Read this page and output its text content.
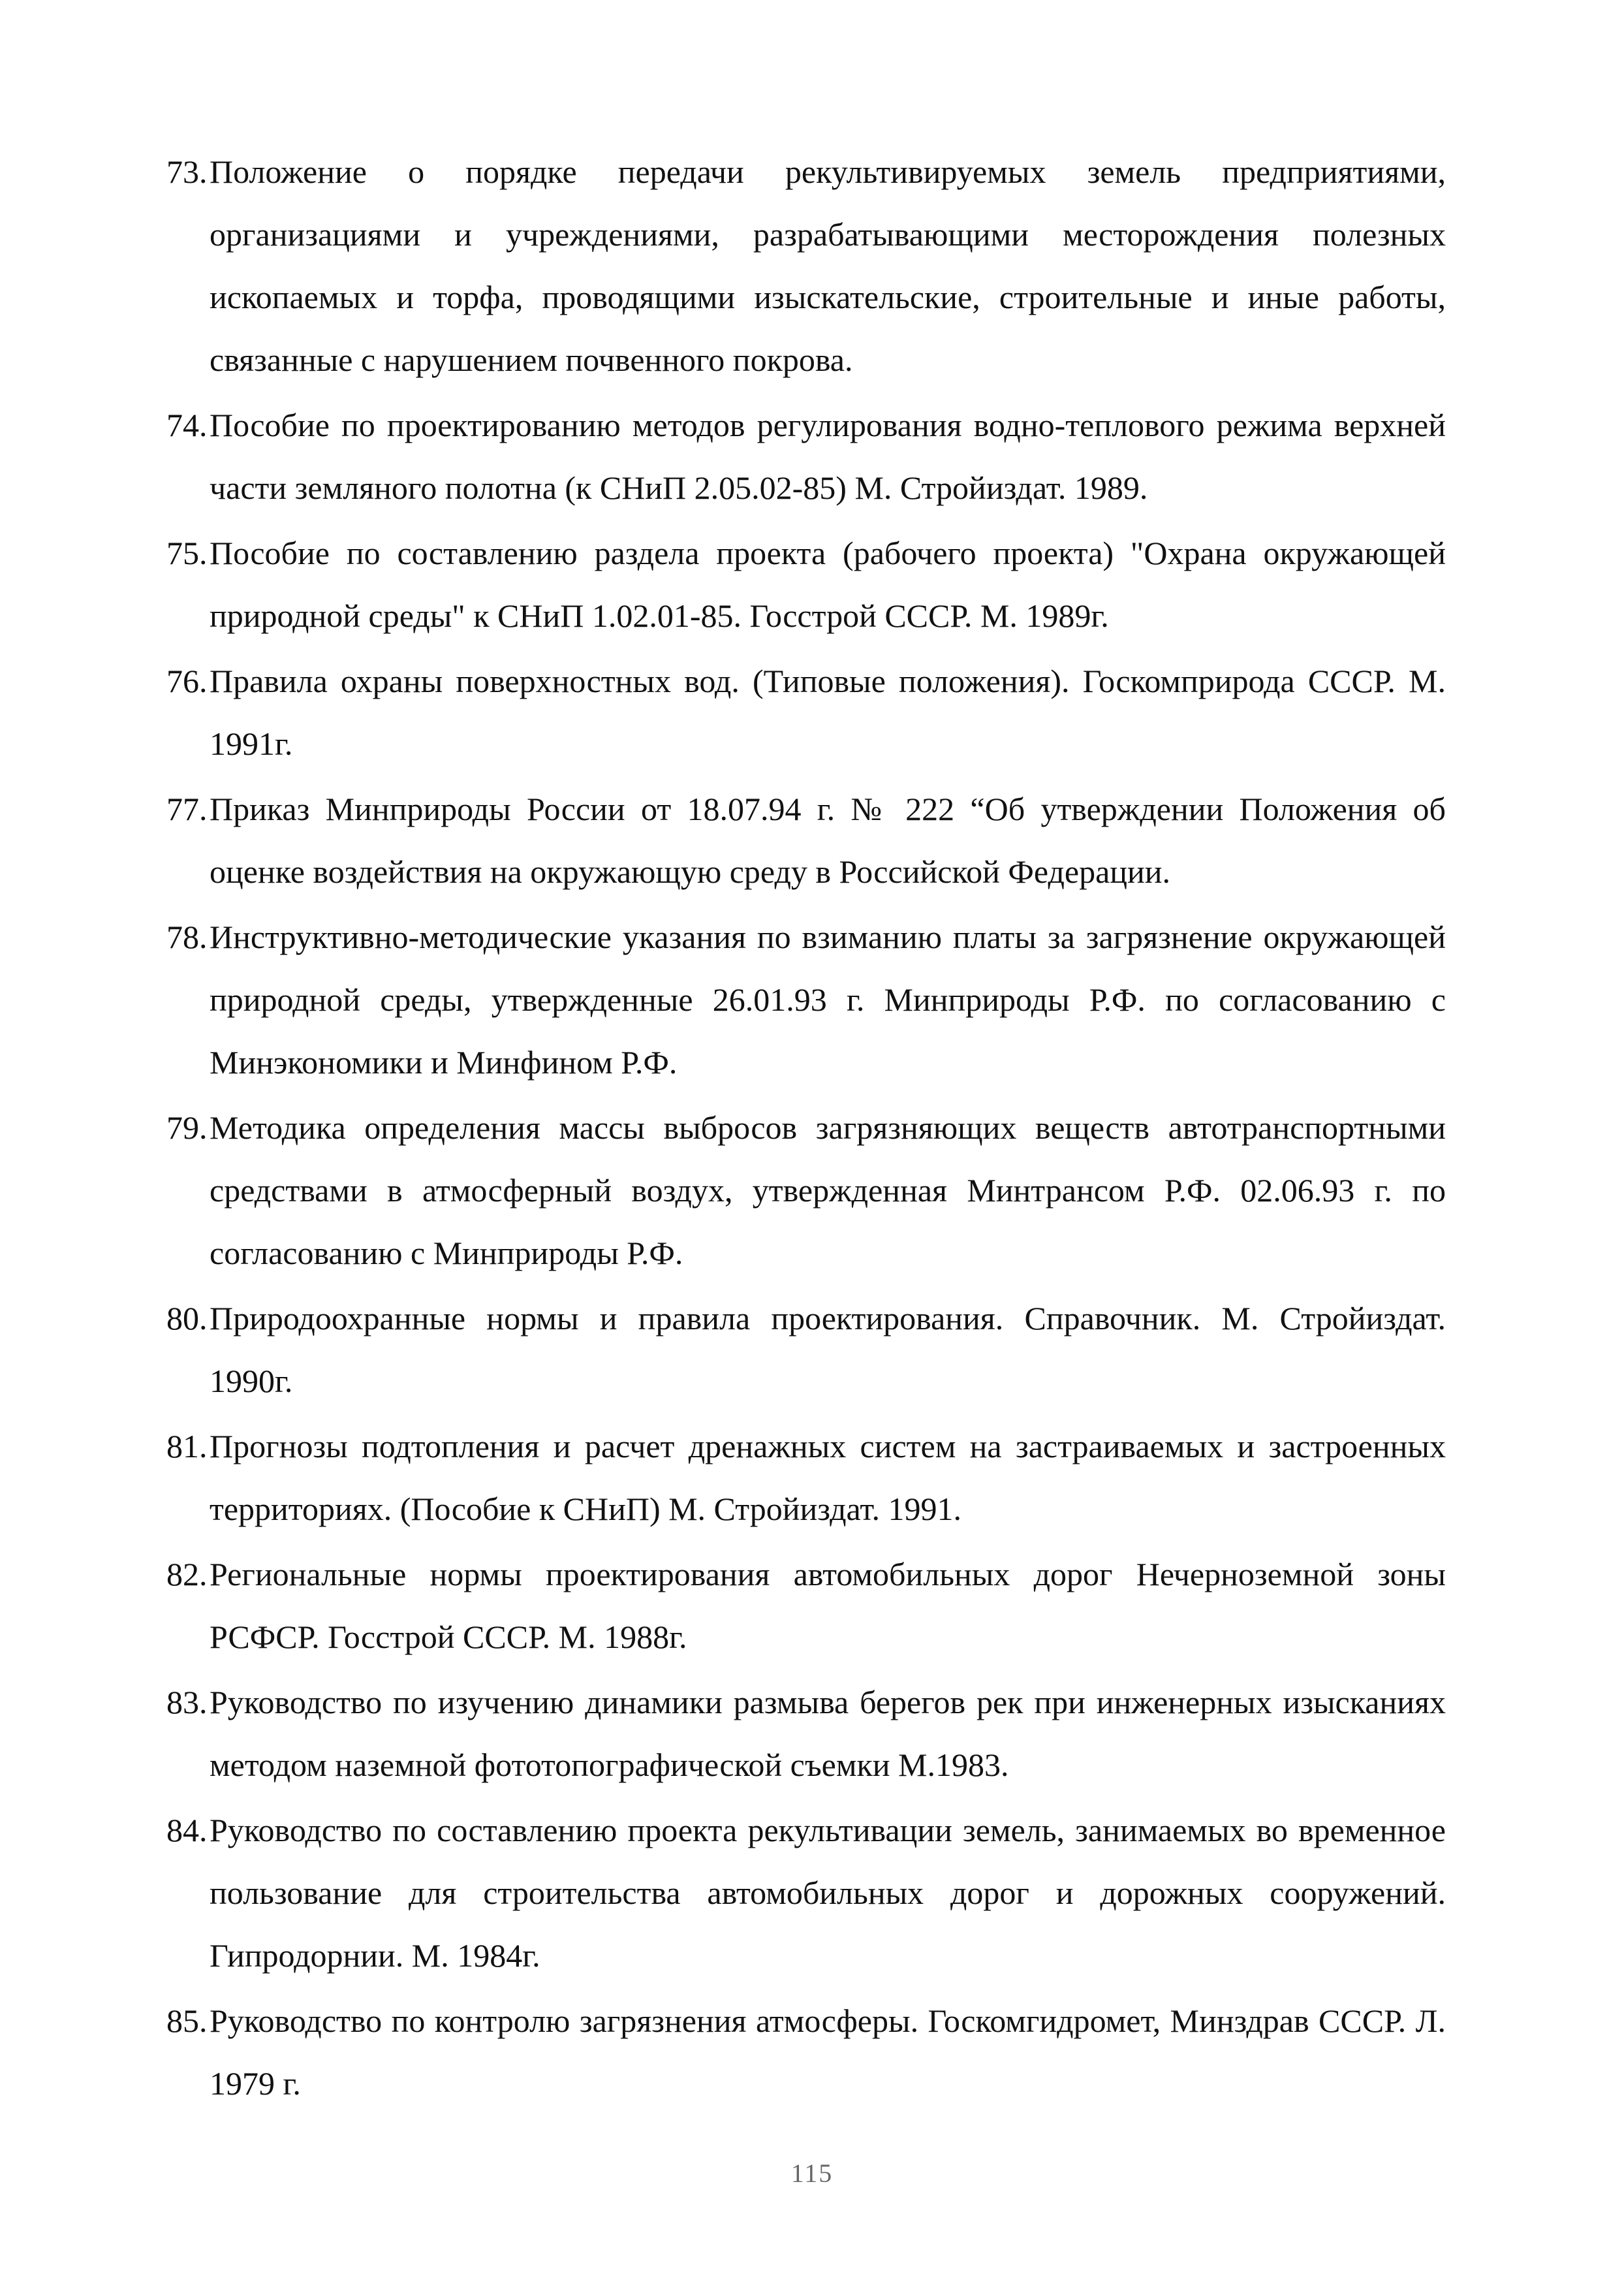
73. Положение о порядке передачи рекультивируемых земель предприятиями, организациями и учреждениями, разрабатывающими месторождения полезных ископаемых и торфа, проводящими изыскательские, строительные и иные работы, связанные с нарушением почвенного покрова.
74. Пособие по проектированию методов регулирования водно-теплового режима верхней части земляного полотна (к СНиП 2.05.02-85) М. Стройиздат. 1989.
75. Пособие по составлению раздела проекта (рабочего проекта) "Охрана окружающей природной среды" к СНиП 1.02.01-85. Госстрой СССР. М. 1989г.
76. Правила охраны поверхностных вод. (Типовые положения). Госкомприрода СССР. М. 1991г.
77. Приказ Минприроды России от 18.07.94 г. № 222 “Об утверждении Положения об оценке воздействия на окружающую среду в Российской Федерации.
78. Инструктивно-методические указания по взиманию платы за загрязнение окружающей природной среды, утвержденные 26.01.93 г. Минприроды Р.Ф. по согласованию с Минэкономики и Минфином Р.Ф.
79. Методика определения массы выбросов загрязняющих веществ автотранспортными средствами в атмосферный воздух, утвержденная Минтрансом Р.Ф. 02.06.93 г. по согласованию с Минприроды Р.Ф.
80. Природоохранные нормы и правила проектирования. Справочник. М. Стройиздат. 1990г.
81. Прогнозы подтопления и расчет дренажных систем на застраиваемых и застроенных территориях. (Пособие к СНиП) М. Стройиздат. 1991.
82. Региональные нормы проектирования автомобильных дорог Нечерноземной зоны РСФСР. Госстрой СССР. М. 1988г.
83. Руководство по изучению динамики размыва берегов рек при инженерных изысканиях методом наземной фототопографической съемки М.1983.
84. Руководство по составлению проекта рекультивации земель, занимаемых во временное пользование для строительства автомобильных дорог и дорожных сооружений. Гипродорнии. М. 1984г.
85. Руководство по контролю загрязнения атмосферы. Госкомгидромет, Минздрав СССР. Л. 1979 г.
115
